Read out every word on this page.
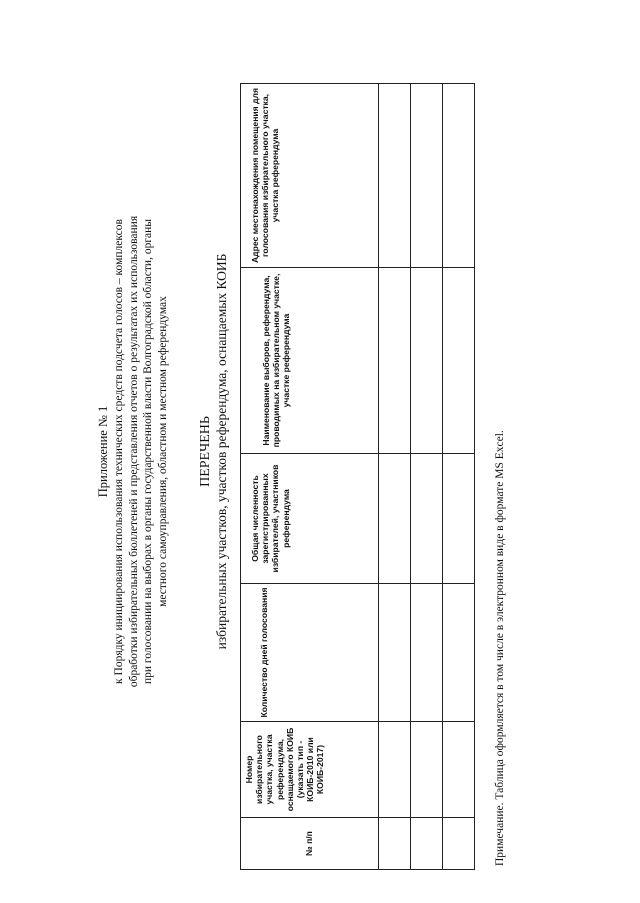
Приложение № 1 к Порядку инициирования использования технических средств подсчета голосов – комплексов обработки избирательных бюллетеней и представления отчетов о результатах их использования при голосовании на выборах в органы государственной власти Волгоградской области, органы местного самоуправления, областном и местном референдумах ПЕРЕЧЕНЬ избирательных участков, участков референдума, оснащаемых КОИБ
№ п/п	Номер избирательного участка, участка референдума, оснащаемого КОИБ (указать тип - КОИБ-2010 или КОИБ-2017)	Количество дней голосования	Общая численность зарегистрированных избирателей, участников референдума	Наименование выборов, референдума, проводимых на избирательном участке, участке референдума	Адрес местонахождения помещения для голосования избирательного участка, участка референдума

Примечание. Таблица оформляется в том числе в электронном виде в формате MS Excel.
